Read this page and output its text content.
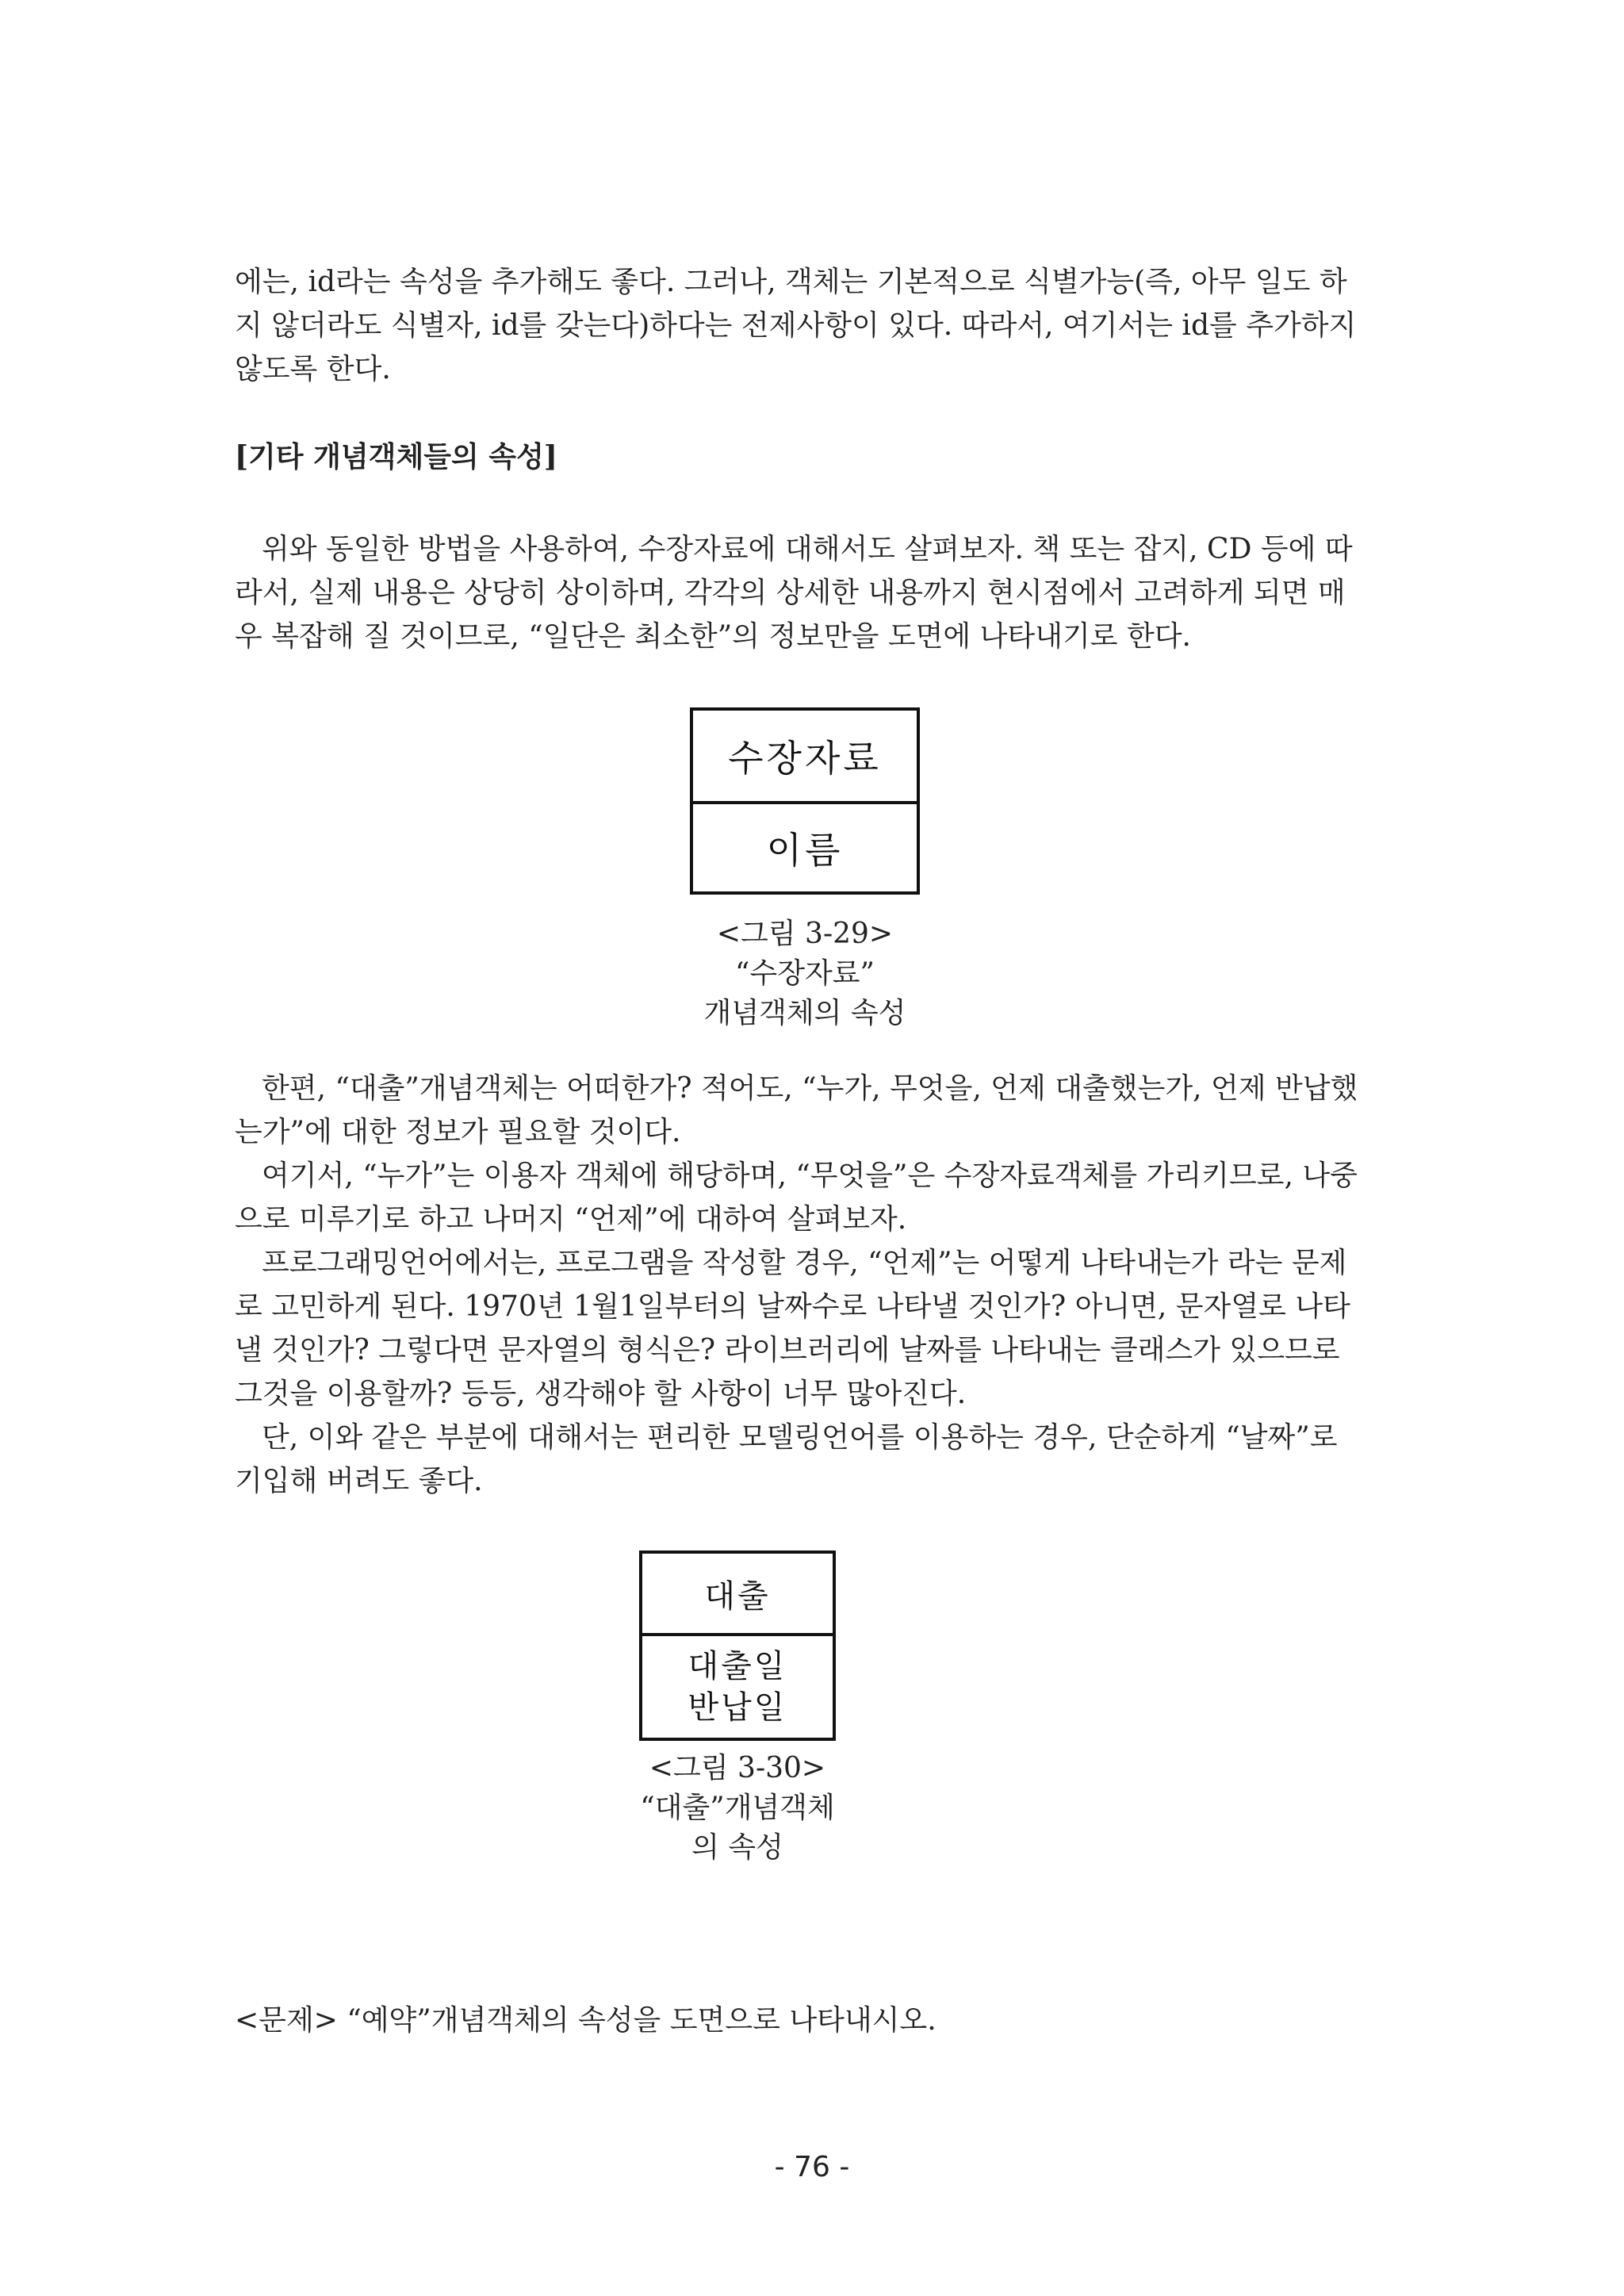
에는, id라는 속성을 추가해도 좋다. 그러나, 객체는 기본적으로 식별가능(즉, 아무 일도 하
지 않더라도 식별자, id를 갖는다)하다는 전제사항이 있다. 따라서, 여기서는 id를 추가하지
않도록 한다.
[기타 개념객체들의 속성]
위와 동일한 방법을 사용하여, 수장자료에 대해서도 살펴보자. 책 또는 잡지, CD 등에 따
라서, 실제 내용은 상당히 상이하며, 각각의 상세한 내용까지 현시점에서 고려하게 되면 매
우 복잡해 질 것이므로, “일단은 최소한”의 정보만을 도면에 나타내기로 한다.
수장자료
이름
<그림 3-29>
“수장자료”
개념객체의 속성
한편, “대출”개념객체는 어떠한가? 적어도, “누가, 무엇을, 언제 대출했는가, 언제 반납했
는가”에 대한 정보가 필요할 것이다.
여기서, “누가”는 이용자 객체에 해당하며, “무엇을”은 수장자료객체를 가리키므로, 나중
으로 미루기로 하고 나머지 “언제”에 대하여 살펴보자.
프로그래밍언어에서는, 프로그램을 작성할 경우, “언제”는 어떻게 나타내는가 라는 문제
로 고민하게 된다. 1970년 1월1일부터의 날짜수로 나타낼 것인가? 아니면, 문자열로 나타
낼 것인가? 그렇다면 문자열의 형식은? 라이브러리에 날짜를 나타내는 클래스가 있으므로
그것을 이용할까? 등등, 생각해야 할 사항이 너무 많아진다.
단, 이와 같은 부분에 대해서는 편리한 모델링언어를 이용하는 경우, 단순하게 “날짜”로
기입해 버려도 좋다.
대출
대출일
반납일
<그림 3-30>
“대출”개념객체
의 속성
<문제> “예약”개념객체의 속성을 도면으로 나타내시오.
- 76 -
